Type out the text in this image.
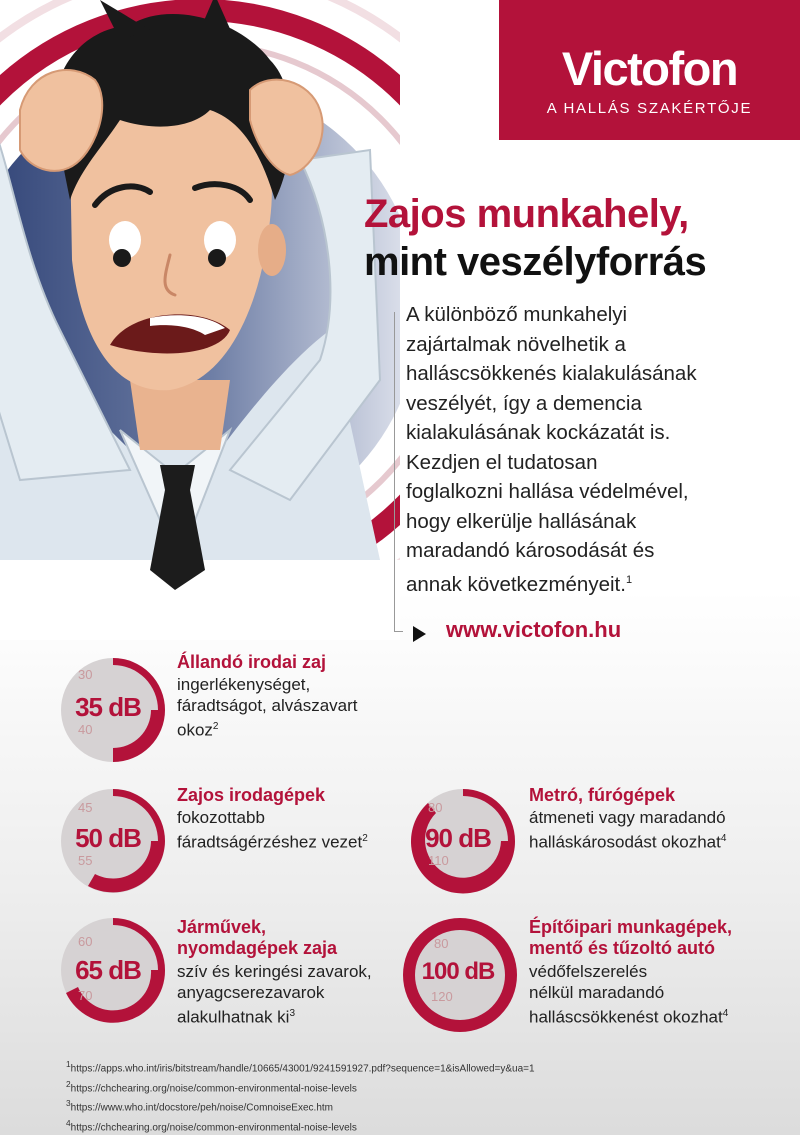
Victofon
A HALLÁS SZAKÉRTŐJE
Zajos munkahely,
mint veszélyforrás
A különböző munkahelyi
zajártalmak növelhetik a
halláscsökkenés kialakulásának
veszélyét, így a demencia
kialakulásának kockázatát is.
Kezdjen el tudatosan
foglalkozni hallása védelmével,
hogy elkerülje hallásának
maradandó károsodását és
annak következményeit.$^1$
www.victofon.hu
30
35 dB
40
Állandó irodai zaj
ingerlékenységet,
fáradtságot, alvászavart
okoz$^2$
45
50 dB
55
Zajos irodagépek
fokozottabb
fáradtságérzéshez vezet$^2$
80
90 dB
110
Metró, fúrógépek
átmeneti vagy maradandó
halláskárosodást okozhat$^4$
60
65 dB
70
Járművek,
nyomdagépek zaja
szív és keringési zavarok,
anyagcserezavarok
alakulhatnak $ki^3$
80
100 dB
120
Építőipari munkagépek,
mentő és tűzoltó autó
védőfelszerelés
nélkül maradandó
halláscsökkenést okozhat$^4$
$^1$https://apps.who.int/iris/bitstream/handle/10665/43001/9241591927.pdf?sequence=1&isAllowed=y&ua=1
$^2$https://chchearing.org/noise/common-environmental-noise-levels
$^3$https://www.who.int/docstore/peh/noise/ComnoiseExec.htm
$^4$https://chchearing.org/noise/common-environmental-noise-levels
